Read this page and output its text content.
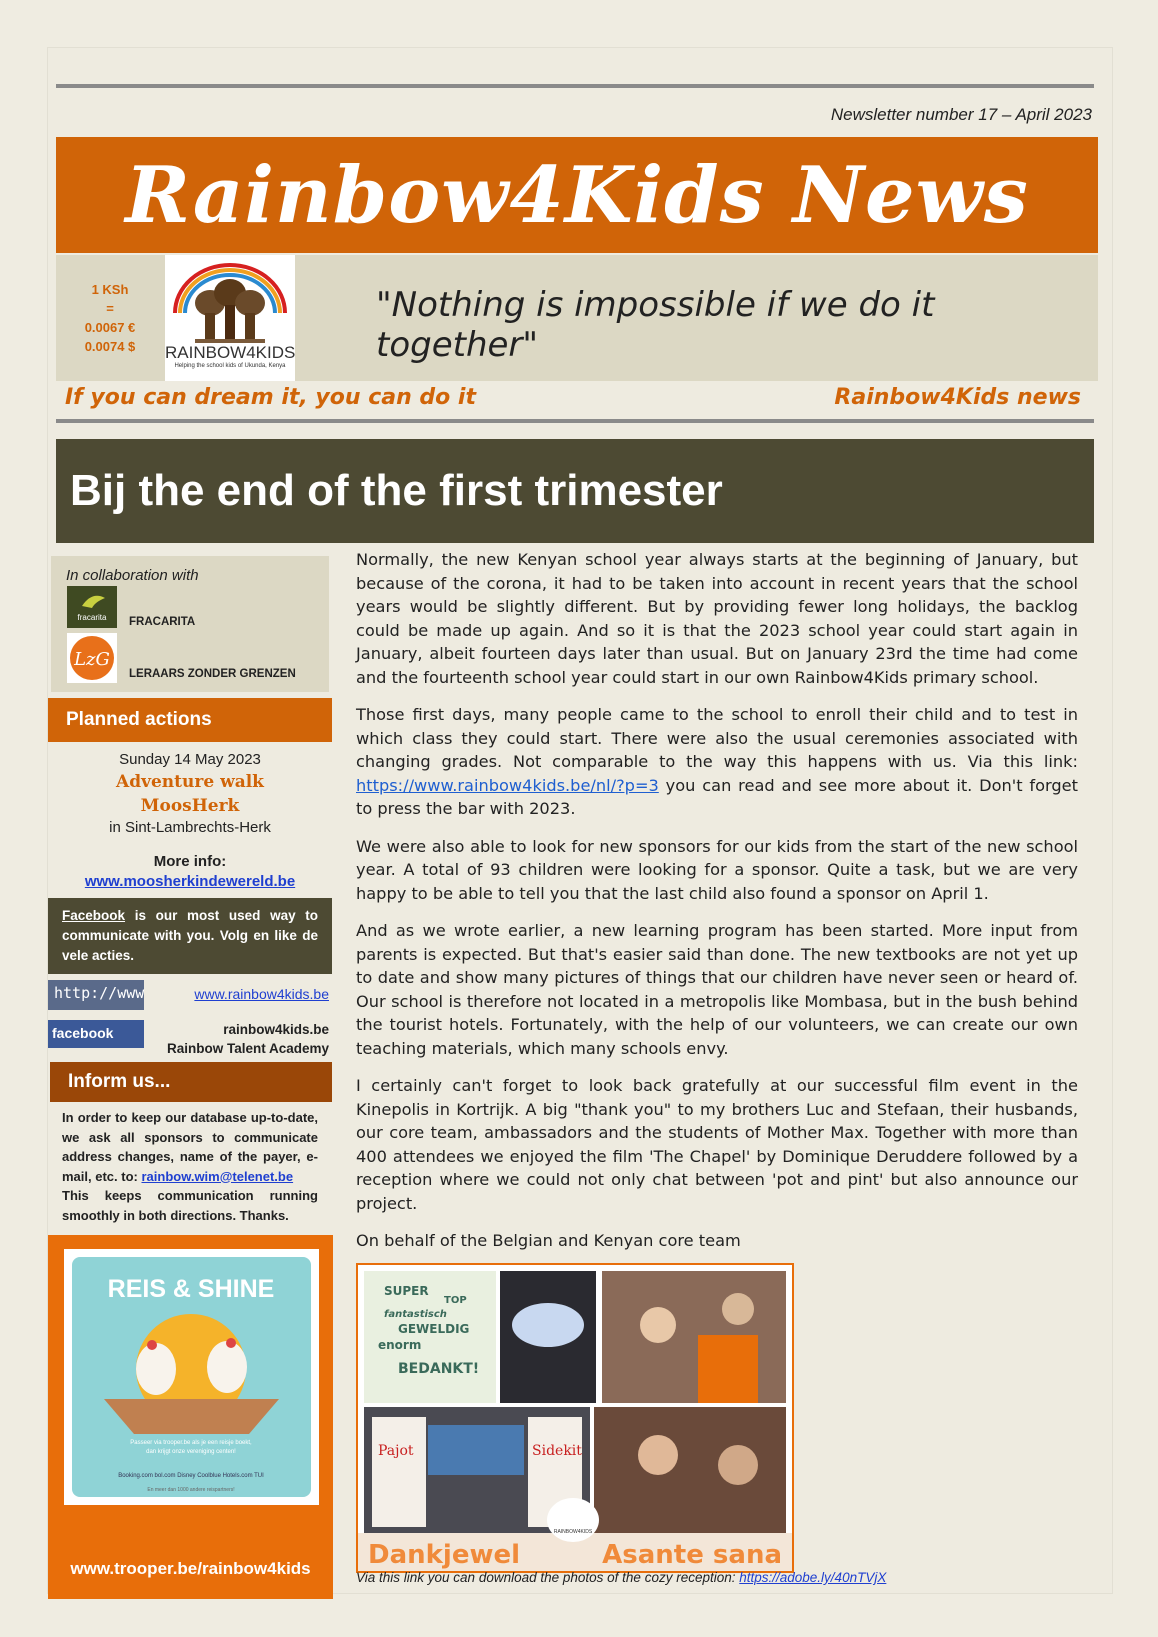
Newsletter number 17 – April 2023
Rainbow4Kids News
1 KSh
=
0.0067 €
0.0074 $ RAINBOW4KIDS
Helping the school kids of Ukunda, Kenya
"Nothing is impossible if we do it together"
If you can dream it, you can do it	Rainbow4Kids news
Bij the end of the first trimester
In collaboration with
fracarita FRACARITA
LzG
LERAARS ZONDER GRENZEN
Planned actions
Sunday 14 May 2023
Adventure walk
MoosHerk
in Sint-Lambrechts-Herk
More info:
www.moosherkindewereld.be
Facebook is our most used way to communicate with you. Volg en like de vele acties.
http://www	www.rainbow4kids.be
facebook	rainbow4kids.be
Rainbow Talent Academy
Inform us...
In order to keep our database up-to-date, we ask all sponsors to communicate address changes, name of the payer, e-mail, etc. to: rainbow.wim@telenet.be
This keeps communication running smoothly in both directions. Thanks.
REIS & SHINE
Passeer via trooper.be als je een reisje boekt,
dan krijgt onze vereniging centen!
Booking.com bol.com Disney Coolblue Hotels.com TUI
En meer dan 1000 andere reispartners!
www.trooper.be/rainbow4kids

Normally, the new Kenyan school year always starts at the beginning of January, but because of the corona, it had to be taken into account in recent years that the school years would be slightly different. But by providing fewer long holidays, the backlog could be made up again. And so it is that the 2023 school year could start again in January, albeit fourteen days later than usual. But on January 23rd the time had come and the fourteenth school year could start in our own Rainbow4Kids primary school.

Those first days, many people came to the school to enroll their child and to test in which class they could start. There were also the usual ceremonies associated with changing grades. Not comparable to the way this happens with us. Via this link: https://www.rainbow4kids.be/nl/?p=3 you can read and see more about it. Don't forget to press the bar with 2023.

We were also able to look for new sponsors for our kids from the start of the new school year. A total of 93 children were looking for a sponsor. Quite a task, but we are very happy to be able to tell you that the last child also found a sponsor on April 1.

And as we wrote earlier, a new learning program has been started. More input from parents is expected. But that's easier said than done. The new textbooks are not yet up to date and show many pictures of things that our children have never seen or heard of. Our school is therefore not located in a metropolis like Mombasa, but in the bush behind the tourist hotels. Fortunately, with the help of our volunteers, we can create our own teaching materials, which many schools envy.

I certainly can't forget to look back gratefully at our successful film event in the Kinepolis in Kortrijk. A big "thank you" to my brothers Luc and Stefaan, their husbands, our core team, ambassadors and the students of Mother Max. Together with more than 400 attendees we enjoyed the film 'The Chapel' by Dominique Deruddere followed by a reception where we could not only chat between 'pot and pint' but also announce our project.

On behalf of the Belgian and Kenyan core team

SUPER
TOP
fantastisch
GEWELDIG
enorm
BEDANKT!
Pajot	Sidekit
RAINBOW4KIDS
Dankjewel	Asante sana
Via this link you can download the photos of the cozy reception: https://adobe.ly/40nTVjX
